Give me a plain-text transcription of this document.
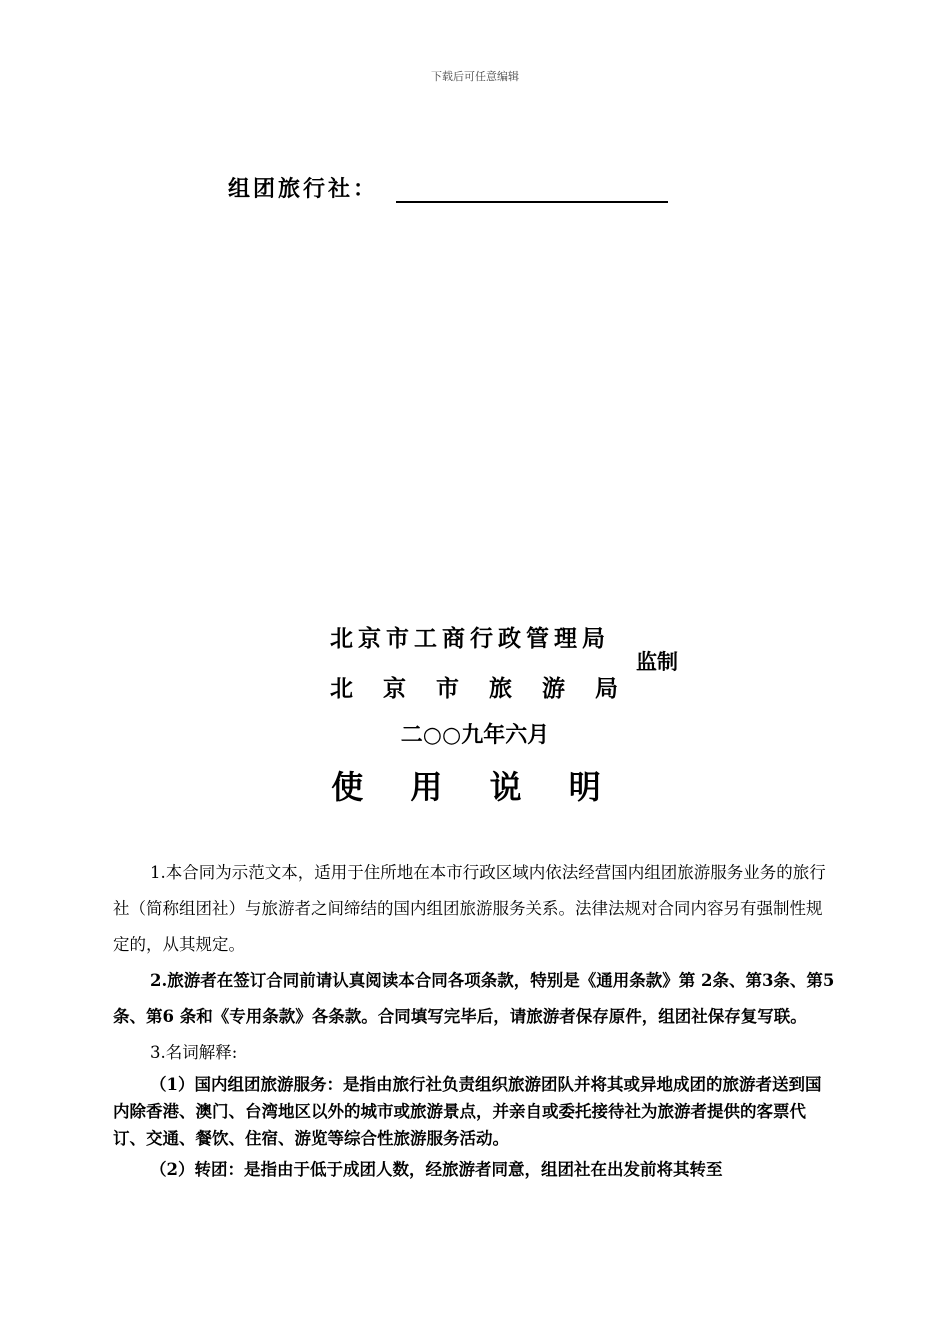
下载后可任意编辑
组团旅行社：
北京市工商行政管理局
北 京 市 旅 游 局
监制
二○○九年六月
使 用 说 明

1.本合同为示范文本，适用于住所地在本市行政区域内依法经营国内组团旅游服务业务的旅行社（简称组团社）与旅游者之间缔结的国内组团旅游服务关系。法律法规对合同内容另有强制性规定的，从其规定。

2.旅游者在签订合同前请认真阅读本合同各项条款，特别是《通用条款》第 2条、第3条、第5条、第6 条和《专用条款》各条款。合同填写完毕后，请旅游者保存原件，组团社保存复写联。

3.名词解释:

（1）国内组团旅游服务：是指由旅行社负责组织旅游团队并将其或异地成团的旅游者送到国内除香港、澳门、台湾地区以外的城市或旅游景点，并亲自或委托接待社为旅游者提供的客票代订、交通、餐饮、住宿、游览等综合性旅游服务活动。

（2）转团：是指由于低于成团人数，经旅游者同意，组团社在出发前将其转至
